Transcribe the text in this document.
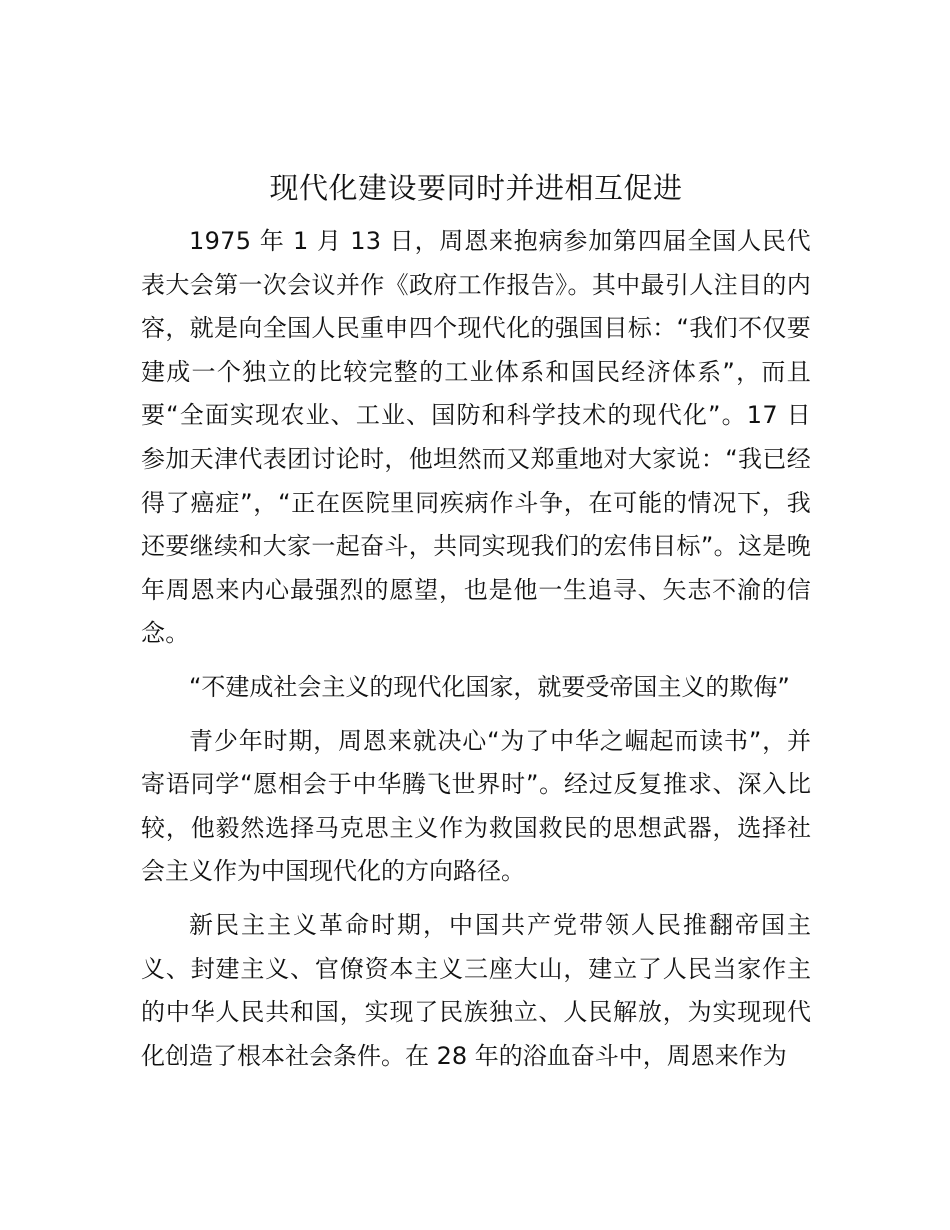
现代化建设要同时并进相互促进

1975 年 1 月 13 日，周恩来抱病参加第四届全国人民代表大会第一次会议并作《政府工作报告》。其中最引人注目的内容，就是向全国人民重申四个现代化的强国目标：“我们不仅要建成一个独立的比较完整的工业体系和国民经济体系”，而且要“全面实现农业、工业、国防和科学技术的现代化”。17 日参加天津代表团讨论时，他坦然而又郑重地对大家说：“我已经得了癌症”，“正在医院里同疾病作斗争，在可能的情况下，我还要继续和大家一起奋斗，共同实现我们的宏伟目标”。这是晚年周恩来内心最强烈的愿望，也是他一生追寻、矢志不渝的信念。

“不建成社会主义的现代化国家，就要受帝国主义的欺侮”

青少年时期，周恩来就决心“为了中华之崛起而读书”，并寄语同学“愿相会于中华腾飞世界时”。经过反复推求、深入比较，他毅然选择马克思主义作为救国救民的思想武器，选择社会主义作为中国现代化的方向路径。

新民主主义革命时期，中国共产党带领人民推翻帝国主义、封建主义、官僚资本主义三座大山，建立了人民当家作主的中华人民共和国，实现了民族独立、人民解放，为实现现代化创造了根本社会条件。在 28 年的浴血奋斗中，周恩来作为
